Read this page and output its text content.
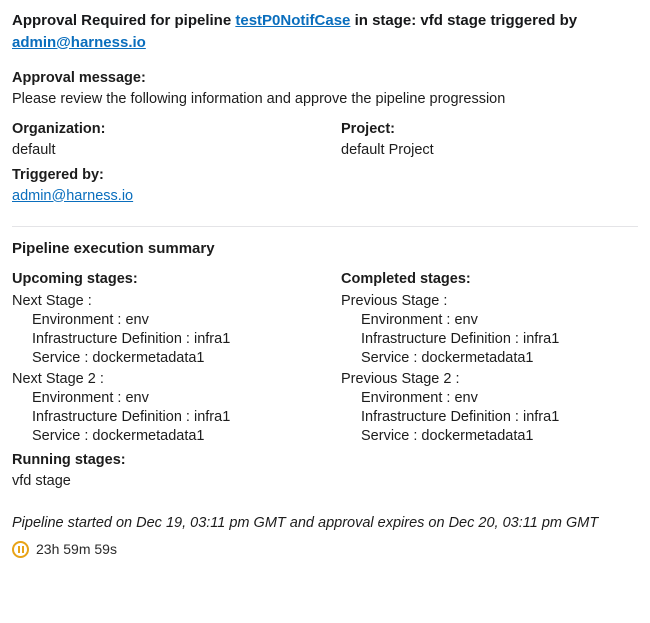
Approval Required for pipeline testP0NotifCase in stage: vfd stage triggered by admin@harness.io

Approval message:

Please review the following information and approve the pipeline progression

Organization:

default

Triggered by:

admin@harness.io

Project:

default Project

Pipeline execution summary

Upcoming stages:

Next Stage :

Environment : env

Infrastructure Definition : infra1

Service : dockermetadata1

Next Stage 2 :

Environment : env

Infrastructure Definition : infra1

Service : dockermetadata1

Running stages:

vfd stage

Completed stages:

Previous Stage :

Environment : env

Infrastructure Definition : infra1

Service : dockermetadata1

Previous Stage 2 :

Environment : env

Infrastructure Definition : infra1

Service : dockermetadata1

Pipeline started on Dec 19, 03:11 pm GMT and approval expires on Dec 20, 03:11 pm GMT

23h 59m 59s
